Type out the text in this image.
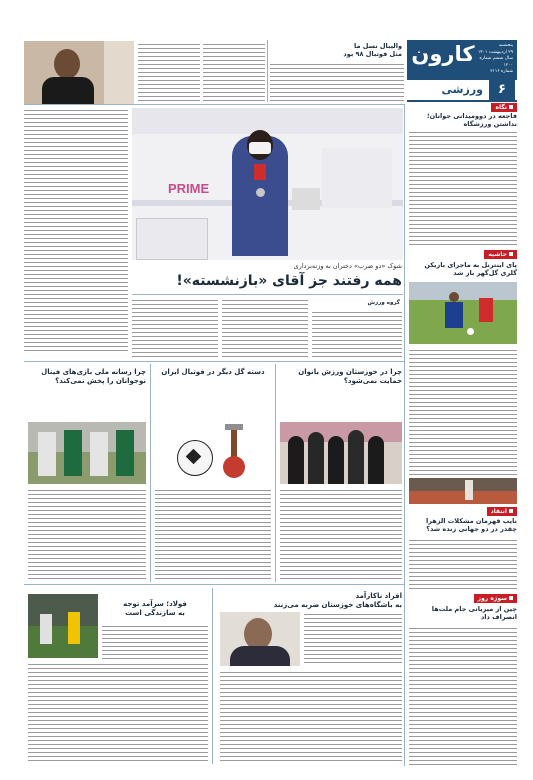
کارون	پنجشنبه
۲۹ اردیبهشت ۱۴۰۱
سال ششم شماره ۱۲۰۰
شماره ۳۱۱۶
ورزشی	۶
والیبال نسل ما
مثل فوتبال ۹۸ بود
نگاه
فاجعه در دوومیدانی جوانان؛ نداشتن ورزشگاه
حاشیه
پای اینترنل به ماجرای بازیکن گلری گل‌گهر باز شد
انتقاد
نایب قهرمان مشکلات الزهرا چقدر در دو جهانی زنده شد؟
سوژه روز
چین از میزبانی جام ملت‌ها انصراف داد
PRIME
شوک «دو ضرب» دختران به وزنه‌برداری
همه رفتند جز آقای «بازنشسته»!
گروه ورزش
چرا در خوزستان ورزش بانوان حمایت نمی‌شود؟
دسته گل دیگر در فوتبال ایران
چرا رسانه ملی بازی‌های فینال نوجوانان را پخش نمی‌کند؟
افراد ناکارآمد
به باشگاه‌های خوزستان ضربه می‌زنند
فولاد؛ سرآمد توجه
به سازندگی است
